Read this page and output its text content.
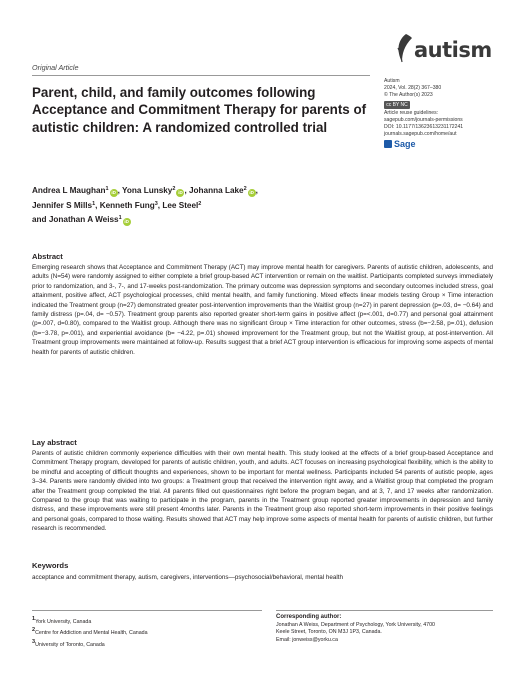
autism
Original Article
Autism
2024, Vol. 28(2) 367–380
© The Author(s) 2023
cc BY NC
Article reuse guidelines:
sagepub.com/journals-permissions
DOI: 10.1177/13623613231172241
journals.sagepub.com/home/aut
Sage
Parent, child, and family outcomes following Acceptance and Commitment Therapy for parents of autistic children: A randomized controlled trial
Andrea L Maughan$^1$iD , Yona Lunsky$^2$iD , Johanna Lake$^2$iD ,
Jennifer S Mills$^1$, Kenneth Fung$^3$, Lee Steel$^2$
and Jonathan A Weiss$^1$iD
Abstract
Emerging research shows that Acceptance and Commitment Therapy (ACT) may improve mental health for caregivers. Parents of autistic children, adolescents, and adults (N=54) were randomly assigned to either complete a brief group-based ACT intervention or remain on the waitlist. Participants completed surveys immediately prior to randomization, and 3-, 7-, and 17-weeks post-randomization. The primary outcome was depression symptoms and secondary outcomes included stress, goal attainment, positive affect, ACT psychological processes, child mental health, and family functioning. Mixed effects linear models testing Group × Time interaction indicated the Treatment group (n=27) demonstrated greater post-intervention improvements than the Waitlist group (n=27) in parent depression (p=.03, d= −0.64) and family distress (p=.04, d= −0.57). Treatment group parents also reported greater short-term gains in positive affect (p=<.001, d=0.77) and personal goal attainment (p=.007, d=0.80), compared to the Waitlist group. Although there was no significant Group × Time interaction for other outcomes, stress (b=−2.58, p=.01), defusion (b=−3.78, p=.001), and experiential avoidance (b= −4.22, p=.01) showed improvement for the Treatment group, but not the Waitlist group, at post-intervention. All Treatment group improvements were maintained at follow-up. Results suggest that a brief ACT group intervention is efficacious for improving some aspects of mental health for parents of autistic children.
Lay abstract
Parents of autistic children commonly experience difficulties with their own mental health. This study looked at the effects of a brief group-based Acceptance and Commitment Therapy program, developed for parents of autistic children, youth, and adults. ACT focuses on increasing psychological flexibility, which is the ability to be mindful and accepting of difficult thoughts and experiences, shown to be important for mental wellness. Participants included 54 parents of autistic people, ages 3–34. Parents were randomly divided into two groups: a Treatment group that received the intervention right away, and a Waitlist group that completed the program after the Treatment group completed the trial. All parents filled out questionnaires right before the program began, and at 3, 7, and 17 weeks after randomization. Compared to the group that was waiting to participate in the program, parents in the Treatment group reported greater improvements in depression and family distress, and these improvements were still present 4months later. Parents in the Treatment group also reported short-term improvements in their positive feelings and personal goals, compared to those waiting. Results showed that ACT may help improve some aspects of mental health for parents of autistic children, but further research is recommended.
Keywords
acceptance and commitment therapy, autism, caregivers, interventions—psychosocial/behavioral, mental health
1York University, Canada
2Centre for Addiction and Mental Health, Canada
3University of Toronto, Canada
Corresponding author:
Jonathan A Weiss, Department of Psychology, York University, 4700
Keele Street, Toronto, ON M3J 1P3, Canada.
Email: jonweiss@yorku.ca
